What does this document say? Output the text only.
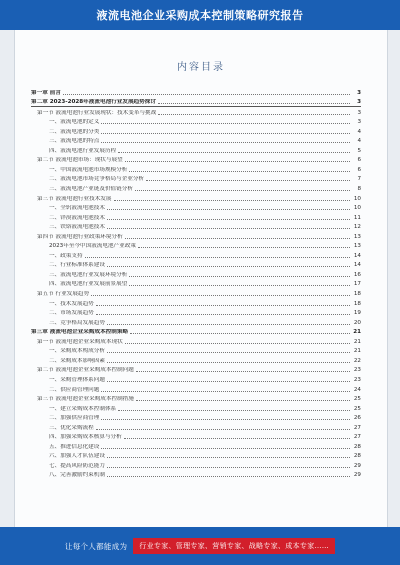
液流电池企业采购成本控制策略研究报告
内容目录
第一章 前言	3
第二章 2023-2028年液流电池行业发展趋势探讨	3
第一节 液流电池行业发展现状：技术变革与挑战	3
一、液流电池的定义	3
二、液流电池的分类	4
三、液流电池的特点	4
四、液流电池行业发展历程	5
第二节 液流电池市场：现状与展望	6
一、中国液流电池市场规模分析	6
二、液流电池市场竞争格局与企业分析	7
三、液流电池产业链及价值链分析	8
第三节 液流电池行业技术发展	10
一、全钒液流电池技术	10
二、锌溴液流电池技术	11
三、铁铬液流电池技术	12
第四节 液流电池行业政策环境分析	13
2023年至今中国液流电池产业政策	13
一、政策支持	14
二、行业标准体系建设	14
三、液流电池行业发展环境分析	16
四、液流电池行业发展前景展望	17
第五节 行业发展趋势	18
一、技术发展趋势	18
二、市场发展趋势	19
三、竞争格局发展趋势	20
第三章 液流电池企业采购成本控制策略	21
第一节 液流电池企业采购成本现状	21
一、采购成本构成分析	21
二、采购成本影响因素	22
第二节 液流电池企业采购成本控制问题	23
一、采购管理体系问题	23
二、供应商管理问题	24
第三节 液流电池企业采购成本控制措施	25
一、建立采购成本控制体系	25
二、加强供应商管理	26
三、优化采购流程	27
四、加强采购成本核算与分析	27
五、推进信息化建设	28
六、加强人才队伍建设	28
七、提高风险防范能力	29
八、完善激励约束机制	29
让每个人都能成为	行业专家、管理专家、营销专家、战略专家、成本专家……
